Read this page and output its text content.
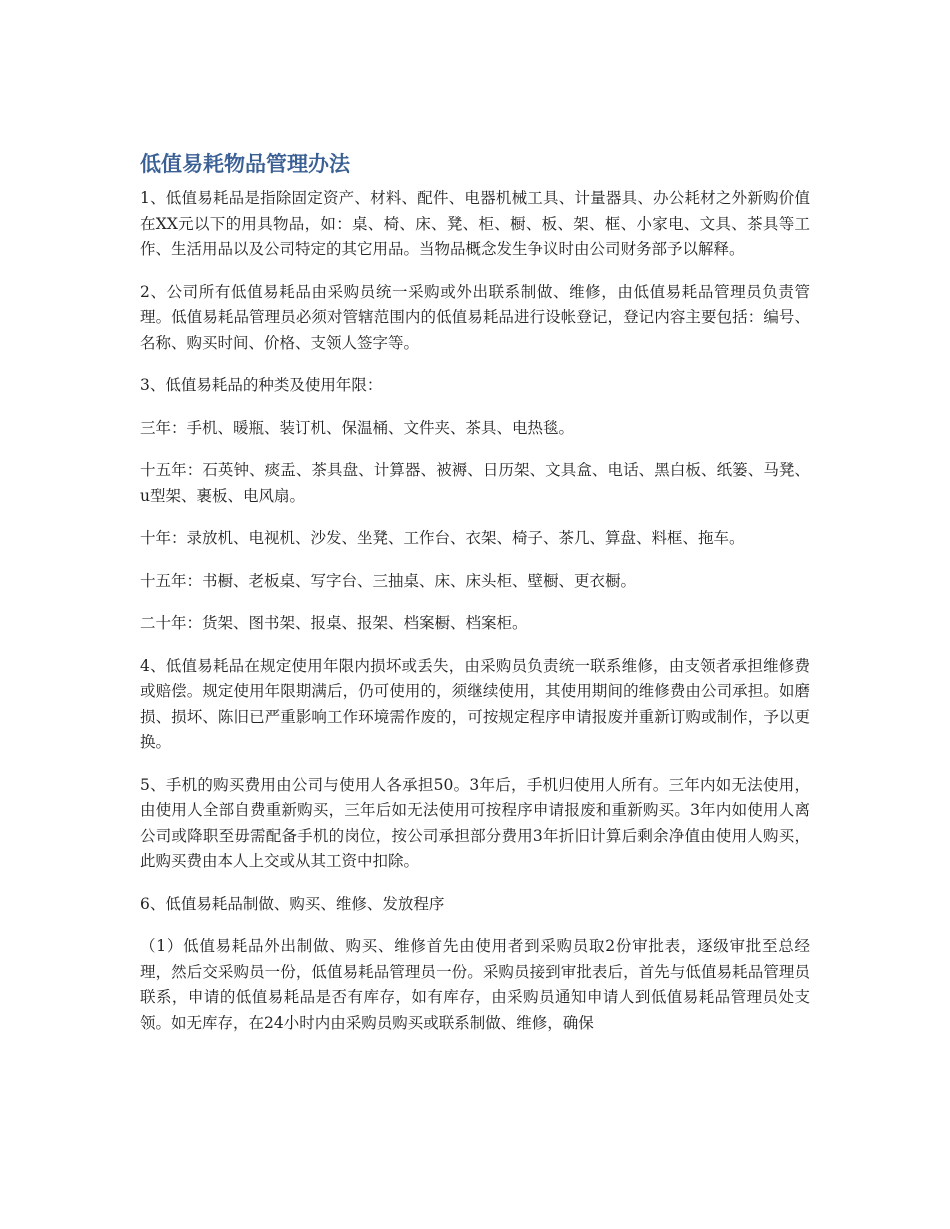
低值易耗物品管理办法

1、低值易耗品是指除固定资产、材料、配件、电器机械工具、计量器具、办公耗材之外新购价值在XX元以下的用具物品，如：桌、椅、床、凳、柜、橱、板、架、框、小家电、文具、茶具等工作、生活用品以及公司特定的其它用品。当物品概念发生争议时由公司财务部予以解释。

2、公司所有低值易耗品由采购员统一采购或外出联系制做、维修，由低值易耗品管理员负责管理。低值易耗品管理员必须对管辖范围内的低值易耗品进行设帐登记，登记内容主要包括：编号、名称、购买时间、价格、支领人签字等。

3、低值易耗品的种类及使用年限：

三年：手机、暖瓶、装订机、保温桶、文件夹、茶具、电热毯。

十五年：石英钟、痰盂、茶具盘、计算器、被褥、日历架、文具盒、电话、黑白板、纸篓、马凳、u型架、裹板、电风扇。

十年：录放机、电视机、沙发、坐凳、工作台、衣架、椅子、茶几、算盘、料框、拖车。

十五年：书橱、老板桌、写字台、三抽桌、床、床头柜、壁橱、更衣橱。

二十年：货架、图书架、报桌、报架、档案橱、档案柜。

4、低值易耗品在规定使用年限内损坏或丢失，由采购员负责统一联系维修，由支领者承担维修费或赔偿。规定使用年限期满后，仍可使用的，须继续使用，其使用期间的维修费由公司承担。如磨损、损坏、陈旧已严重影响工作环境需作废的，可按规定程序申请报废并重新订购或制作，予以更换。

5、手机的购买费用由公司与使用人各承担50。3年后，手机归使用人所有。三年内如无法使用，由使用人全部自费重新购买，三年后如无法使用可按程序申请报废和重新购买。3年内如使用人离公司或降职至毋需配备手机的岗位，按公司承担部分费用3年折旧计算后剩余净值由使用人购买，此购买费由本人上交或从其工资中扣除。

6、低值易耗品制做、购买、维修、发放程序

（1）低值易耗品外出制做、购买、维修首先由使用者到采购员取2份审批表，逐级审批至总经理，然后交采购员一份，低值易耗品管理员一份。采购员接到审批表后，首先与低值易耗品管理员联系，申请的低值易耗品是否有库存，如有库存，由采购员通知申请人到低值易耗品管理员处支领。如无库存，在24小时内由采购员购买或联系制做、维修，确保
